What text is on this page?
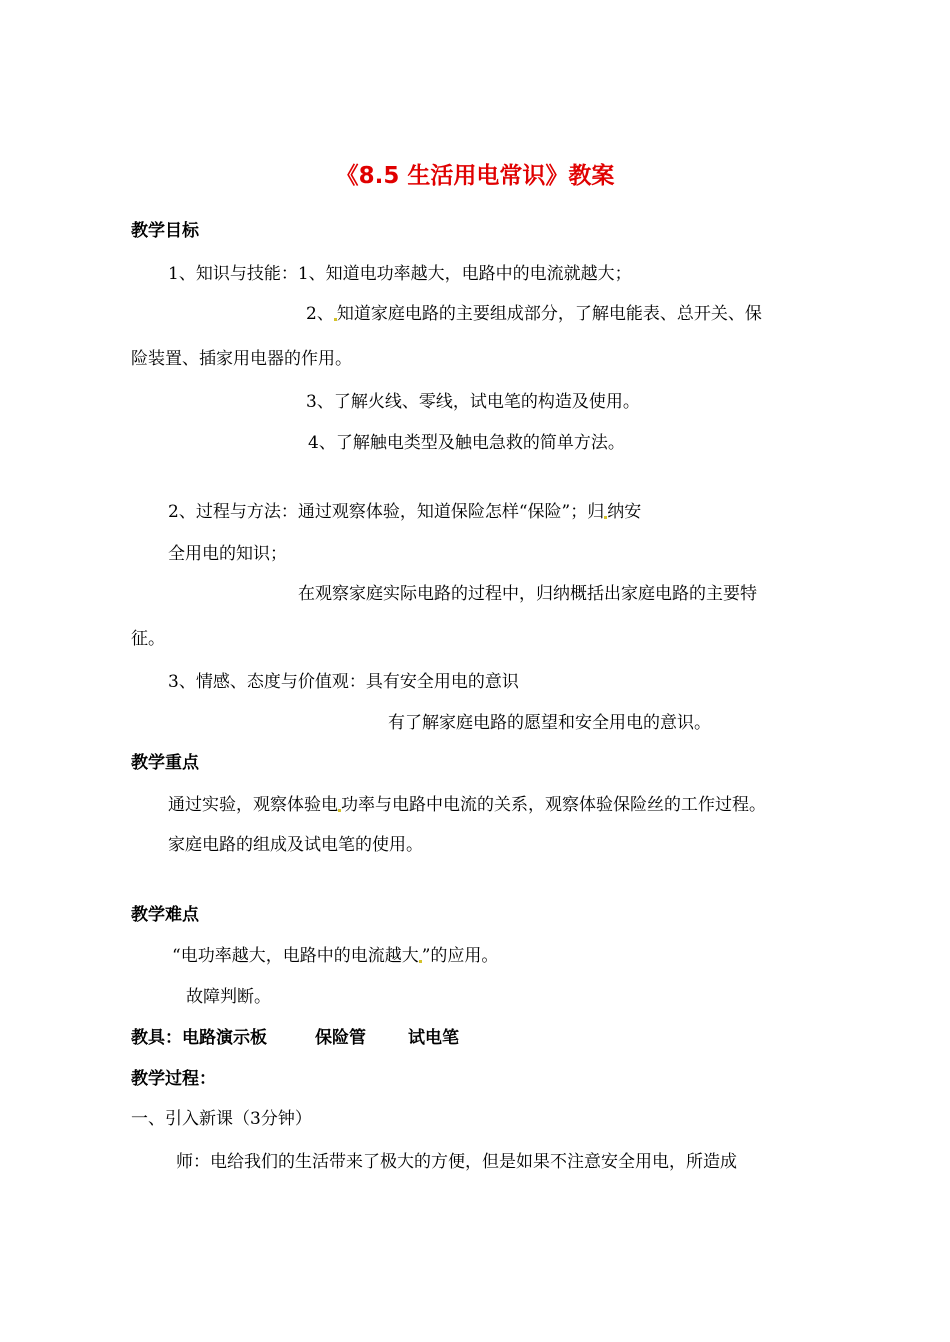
《8.5 生活用电常识》教案
教学目标
1、知识与技能：1、知道电功率越大，电路中的电流就越大；
2、 知道家庭电路的主要组成部分，了解电能表、总开关、保
险装置、插家用电器的作用。
3、了解火线、零线，试电笔的构造及使用。
4、了解触电类型及触电急救的简单方法。
2、过程与方法：通过观察体验，知道保险怎样“保险”；归 纳安
全用电的知识；
在观察家庭实际电路的过程中，归纳概括出家庭电路的主要特
征。
3、情感、态度与价值观：具有安全用电的意识
有了解家庭电路的愿望和安全用电的意识。
教学重点
通过实验，观察体验电 功率与电路中电流的关系，观察体验保险丝的工作过程。
家庭电路的组成及试电笔的使用。
教学难点
“电功率越大，电路中的电流越大 ”的应用。
故障判断。
教具：电路演示板	保险管 试电笔
教学过程：
一、引入新课（3分钟）
师：电给我们的生活带来了极大的方便，但是如果不注意安全用电，所造成
